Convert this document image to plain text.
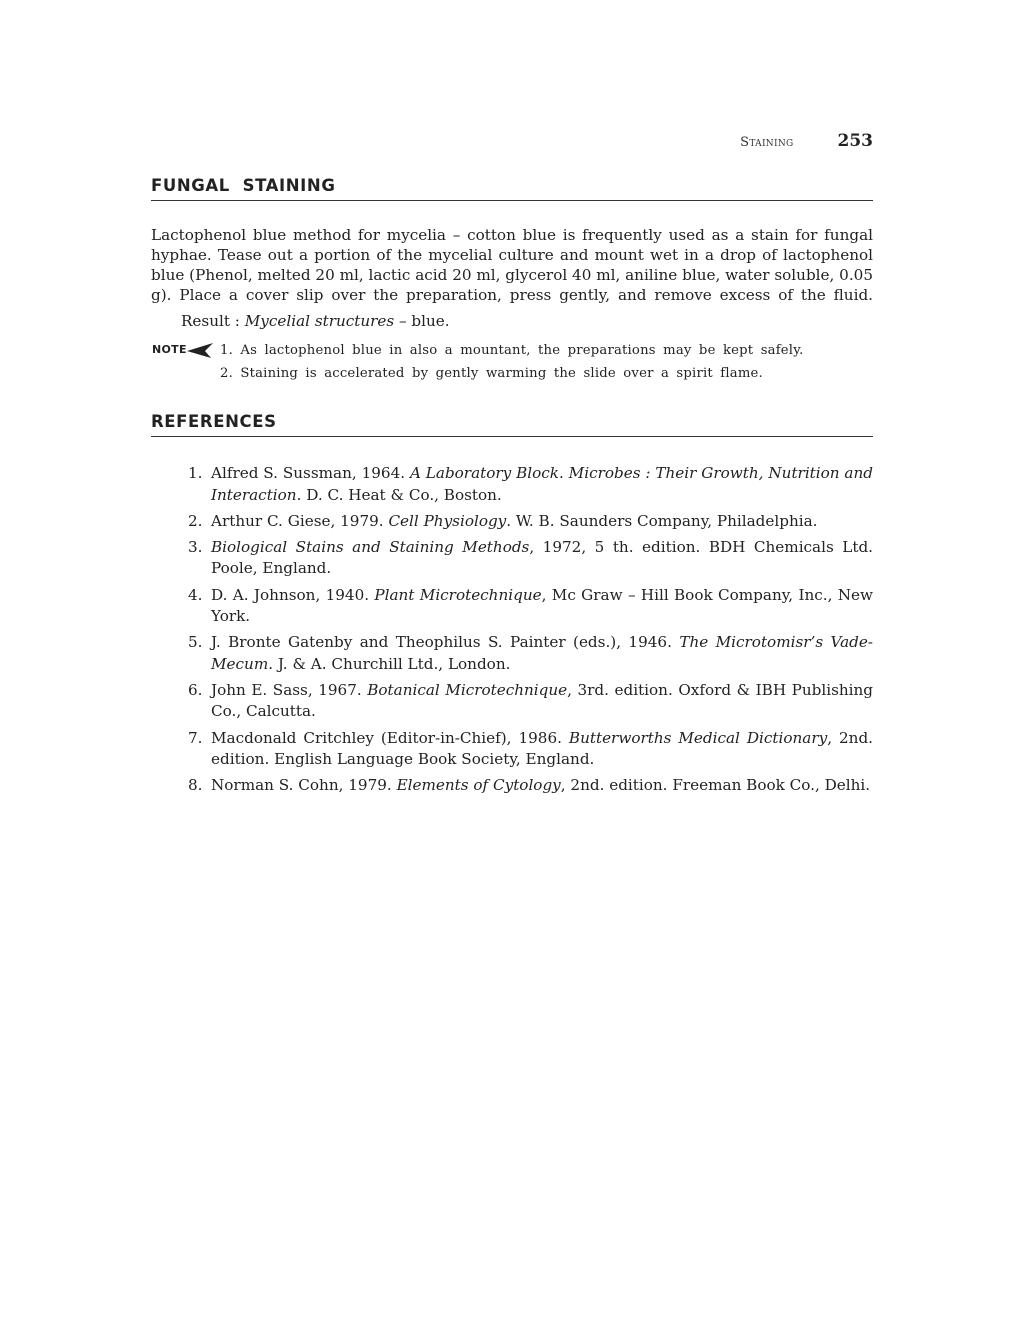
Staining	253
FUNGAL  STAINING

Lactophenol blue method for mycelia – cotton blue is frequently used as a stain for fungal hyphae. Tease out a portion of the mycelial culture and mount wet in a drop of lactophenol blue (Phenol, melted 20 ml, lactic acid 20 ml, glycerol 40 ml, aniline blue, water soluble, 0.05 g). Place a cover slip over the preparation, press gently, and remove excess of the fluid.

Result : Mycelial structures – blue.
NOTE	1. As lactophenol blue in also a mountant, the preparations may be kept safely.
2. Staining is accelerated by gently warming the slide over a spirit flame.
REFERENCES
1. Alfred S. Sussman, 1964. A Laboratory Block. Microbes : Their Growth, Nutrition and Interaction. D. C. Heat & Co., Boston.
2. Arthur C. Giese, 1979. Cell Physiology. W. B. Saunders Company, Philadelphia.
3. Biological Stains and Staining Methods, 1972, 5 th. edition. BDH Chemicals Ltd. Poole, England.
4. D. A. Johnson, 1940. Plant Microtechnique, Mc Graw – Hill Book Company, Inc., New York.
5. J. Bronte Gatenby and Theophilus S. Painter (eds.), 1946. The Microtomisr’s Vade-Mecum. J. & A. Churchill Ltd., London.
6. John E. Sass, 1967. Botanical Microtechnique, 3rd. edition. Oxford & IBH Publishing Co., Calcutta.
7. Macdonald Critchley (Editor-in-Chief), 1986. Butterworths Medical Dictionary, 2nd. edition. English Language Book Society, England.
8. Norman S. Cohn, 1979. Elements of Cytology, 2nd. edition. Freeman Book Co., Delhi.
